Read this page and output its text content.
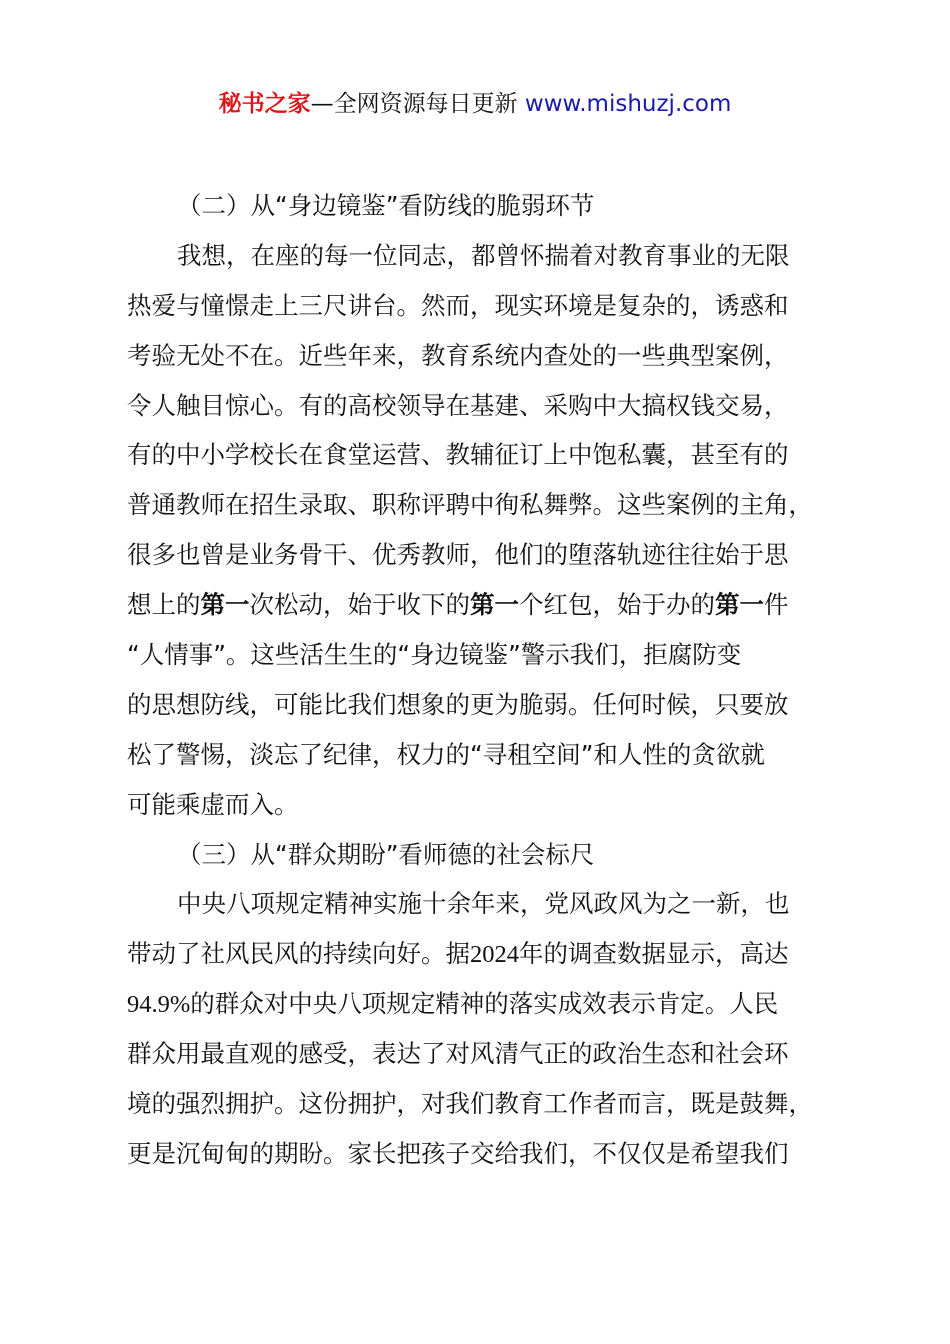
秘书之家—全网资源每日更新 www.mishuzj.com
（二）从“身边镜鉴”看防线的脆弱环节
我想，在座的每一位同志，都曾怀揣着对教育事业的无限
热爱与憧憬走上三尺讲台。然而，现实环境是复杂的，诱惑和
考验无处不在。近些年来，教育系统内查处的一些典型案例，
令人触目惊心。有的高校领导在基建、采购中大搞权钱交易，
有的中小学校长在食堂运营、教辅征订上中饱私囊，甚至有的
普通教师在招生录取、职称评聘中徇私舞弊。这些案例的主角，
很多也曾是业务骨干、优秀教师，他们的堕落轨迹往往始于思
想上的第一次松动，始于收下的第一个红包，始于办的第一件
“人情事”。这些活生生的“身边镜鉴”警示我们，拒腐防变
的思想防线，可能比我们想象的更为脆弱。任何时候，只要放
松了警惕，淡忘了纪律，权力的“寻租空间”和人性的贪欲就
可能乘虚而入。
（三）从“群众期盼”看师德的社会标尺
中央八项规定精神实施十余年来，党风政风为之一新，也
带动了社风民风的持续向好。据2024年的调查数据显示，高达
94.9%的群众对中央八项规定精神的落实成效表示肯定。人民
群众用最直观的感受，表达了对风清气正的政治生态和社会环
境的强烈拥护。这份拥护，对我们教育工作者而言，既是鼓舞，
更是沉甸甸的期盼。家长把孩子交给我们，不仅仅是希望我们
